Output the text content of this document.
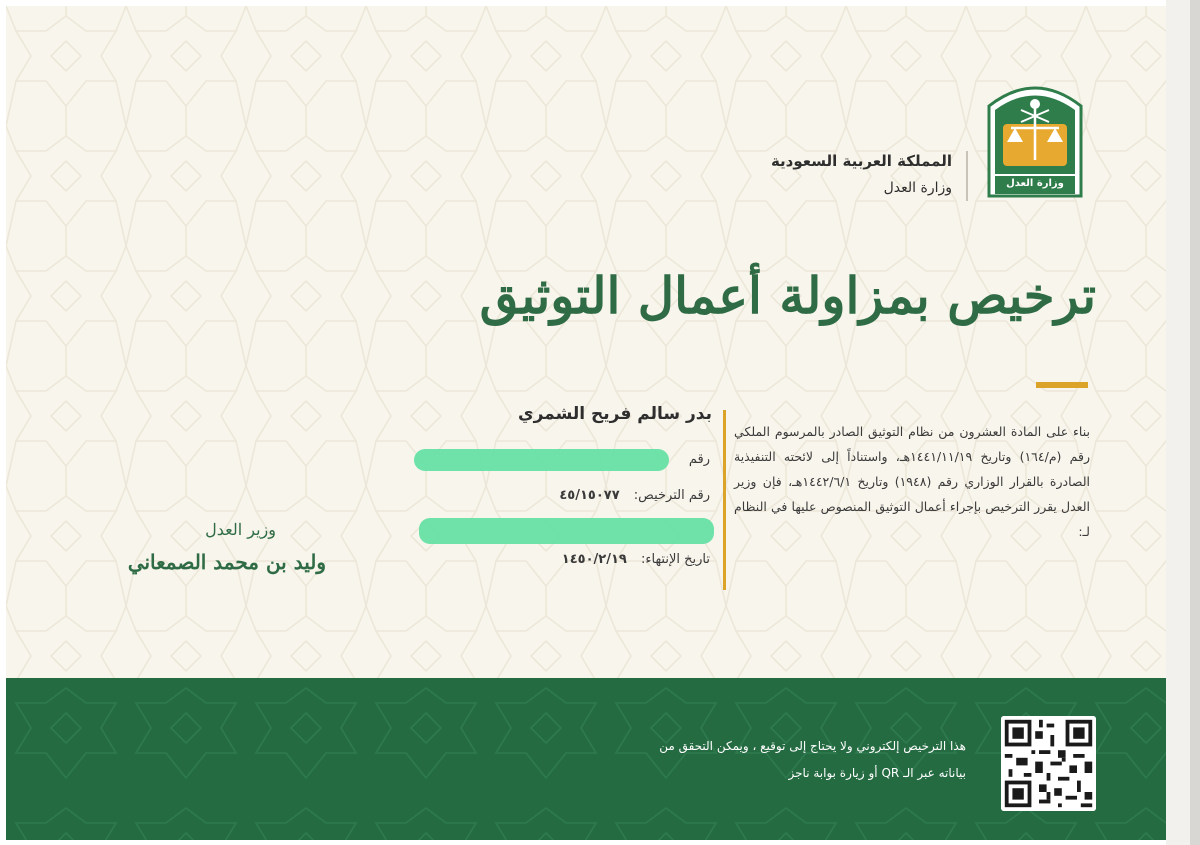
وزارة العدل
المملكة العربية السعودية
وزارة العدل
ترخيص بمزاولة أعمال التوثيق
بناء على المادة العشرون من نظام التوثيق الصادر بالمرسوم الملكي رقم (م/١٦٤) وتاريخ ١٤٤١/١١/١٩هـ، واستناداً إلى لائحته التنفيذية الصادرة بالقرار الوزاري رقم (١٩٤٨) وتاريخ ١٤٤٢/٦/١هـ، فإن وزير العدل يقرر الترخيص بإجراء أعمال التوثيق المنصوص عليها في النظام لـ:
بدر سالم فريح الشمري
رقم
رقم الترخيص: ٤٥/١٥٠٧٧
تاريخ الإنتهاء: ١٤٥٠/٢/١٩
وزير العدل
وليد بن محمد الصمعاني
هذا الترخيص إلكتروني ولا يحتاج إلى توقيع ، ويمكن التحقق من
بياناته عبر الـ QR أو زيارة بوابة ناجز
